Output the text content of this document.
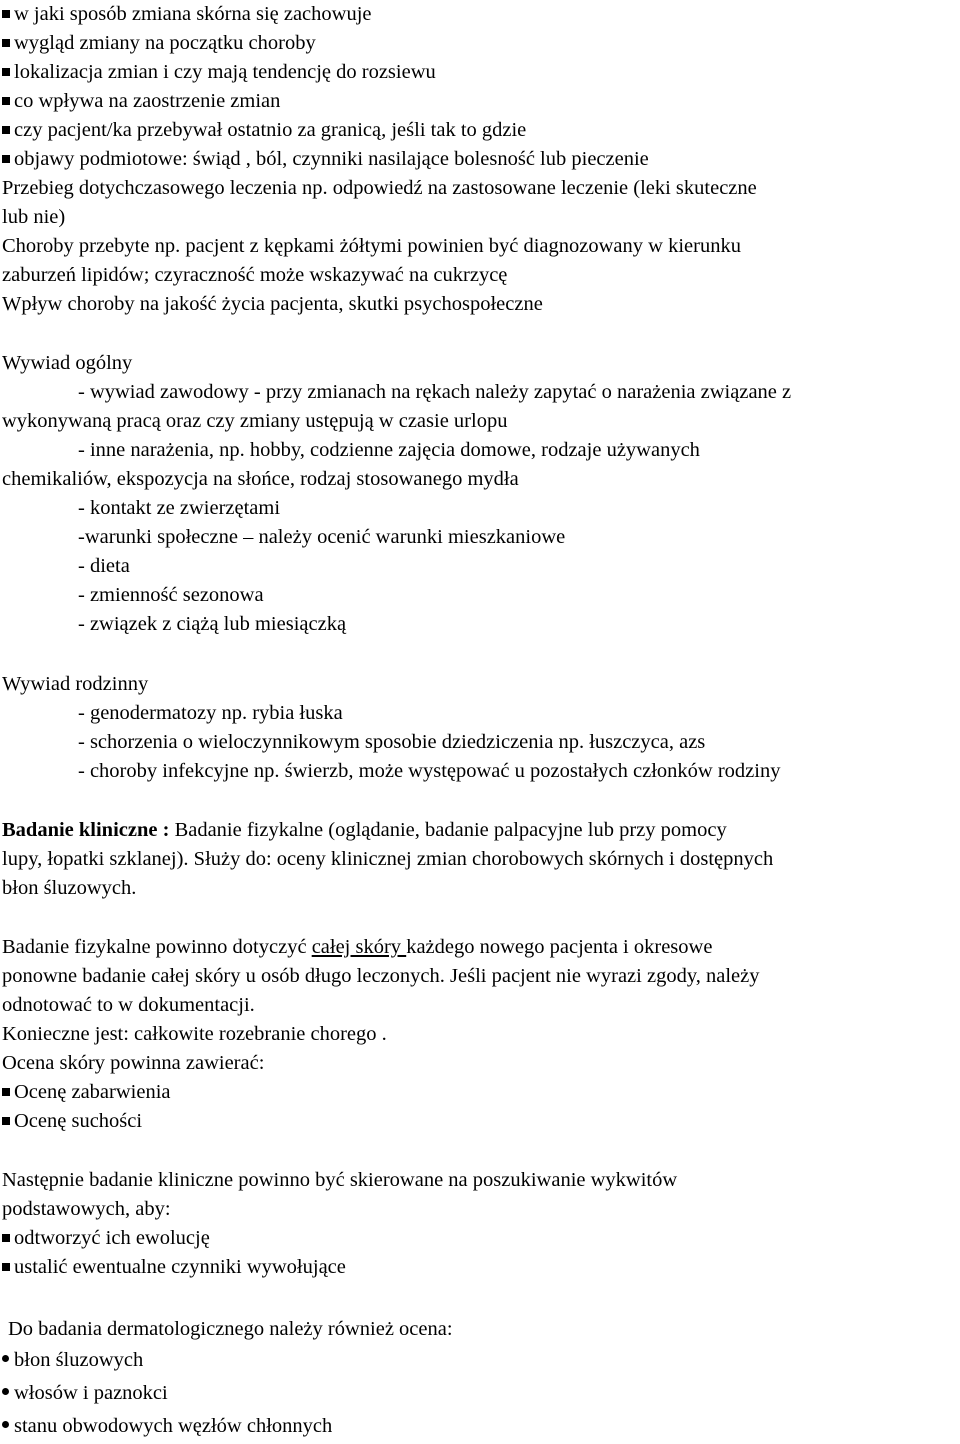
w jaki sposób zmiana skórna się zachowuje
wygląd zmiany na początku choroby
lokalizacja zmian i czy mają tendencję do rozsiewu
co wpływa na zaostrzenie zmian
czy pacjent/ka przebywał ostatnio za granicą, jeśli tak to gdzie
objawy podmiotowe: świąd , ból, czynniki nasilające bolesność lub pieczenie
Przebieg dotychczasowego leczenia np. odpowiedź na zastosowane leczenie (leki skuteczne
lub nie)
Choroby przebyte np. pacjent z kępkami żółtymi powinien być diagnozowany w kierunku
zaburzeń lipidów; czyraczność może wskazywać na cukrzycę
Wpływ choroby na jakość życia pacjenta, skutki psychospołeczne
Wywiad ogólny
- wywiad zawodowy - przy zmianach na rękach należy zapytać o narażenia związane z
wykonywaną pracą oraz czy zmiany ustępują w czasie urlopu
- inne narażenia, np. hobby, codzienne zajęcia domowe, rodzaje używanych
chemikaliów, ekspozycja na słońce, rodzaj stosowanego mydła
- kontakt ze zwierzętami
-warunki społeczne – należy ocenić warunki mieszkaniowe
- dieta
- zmienność sezonowa
- związek z ciążą lub miesiączką
Wywiad rodzinny
- genodermatozy np. rybia łuska
- schorzenia o wieloczynnikowym sposobie dziedziczenia np. łuszczyca, azs
- choroby infekcyjne np. świerzb, może występować u pozostałych członków rodziny
Badanie kliniczne : Badanie fizykalne (oglądanie, badanie palpacyjne lub przy pomocy
lupy, łopatki szklanej). Służy do: oceny klinicznej zmian chorobowych skórnych i dostępnych
błon śluzowych.
Badanie fizykalne powinno dotyczyć całej skóry każdego nowego pacjenta i okresowe
ponowne badanie całej skóry u osób długo leczonych. Jeśli pacjent nie wyrazi zgody, należy
odnotować to w dokumentacji.
Konieczne jest: całkowite rozebranie chorego .
Ocena skóry powinna zawierać:
Ocenę zabarwienia
Ocenę suchości
Następnie badanie kliniczne powinno być skierowane na poszukiwanie wykwitów
podstawowych, aby:
odtworzyć ich ewolucję
ustalić ewentualne czynniki wywołujące
Do badania dermatologicznego należy również ocena:
błon śluzowych
włosów i paznokci
stanu obwodowych węzłów chłonnych
